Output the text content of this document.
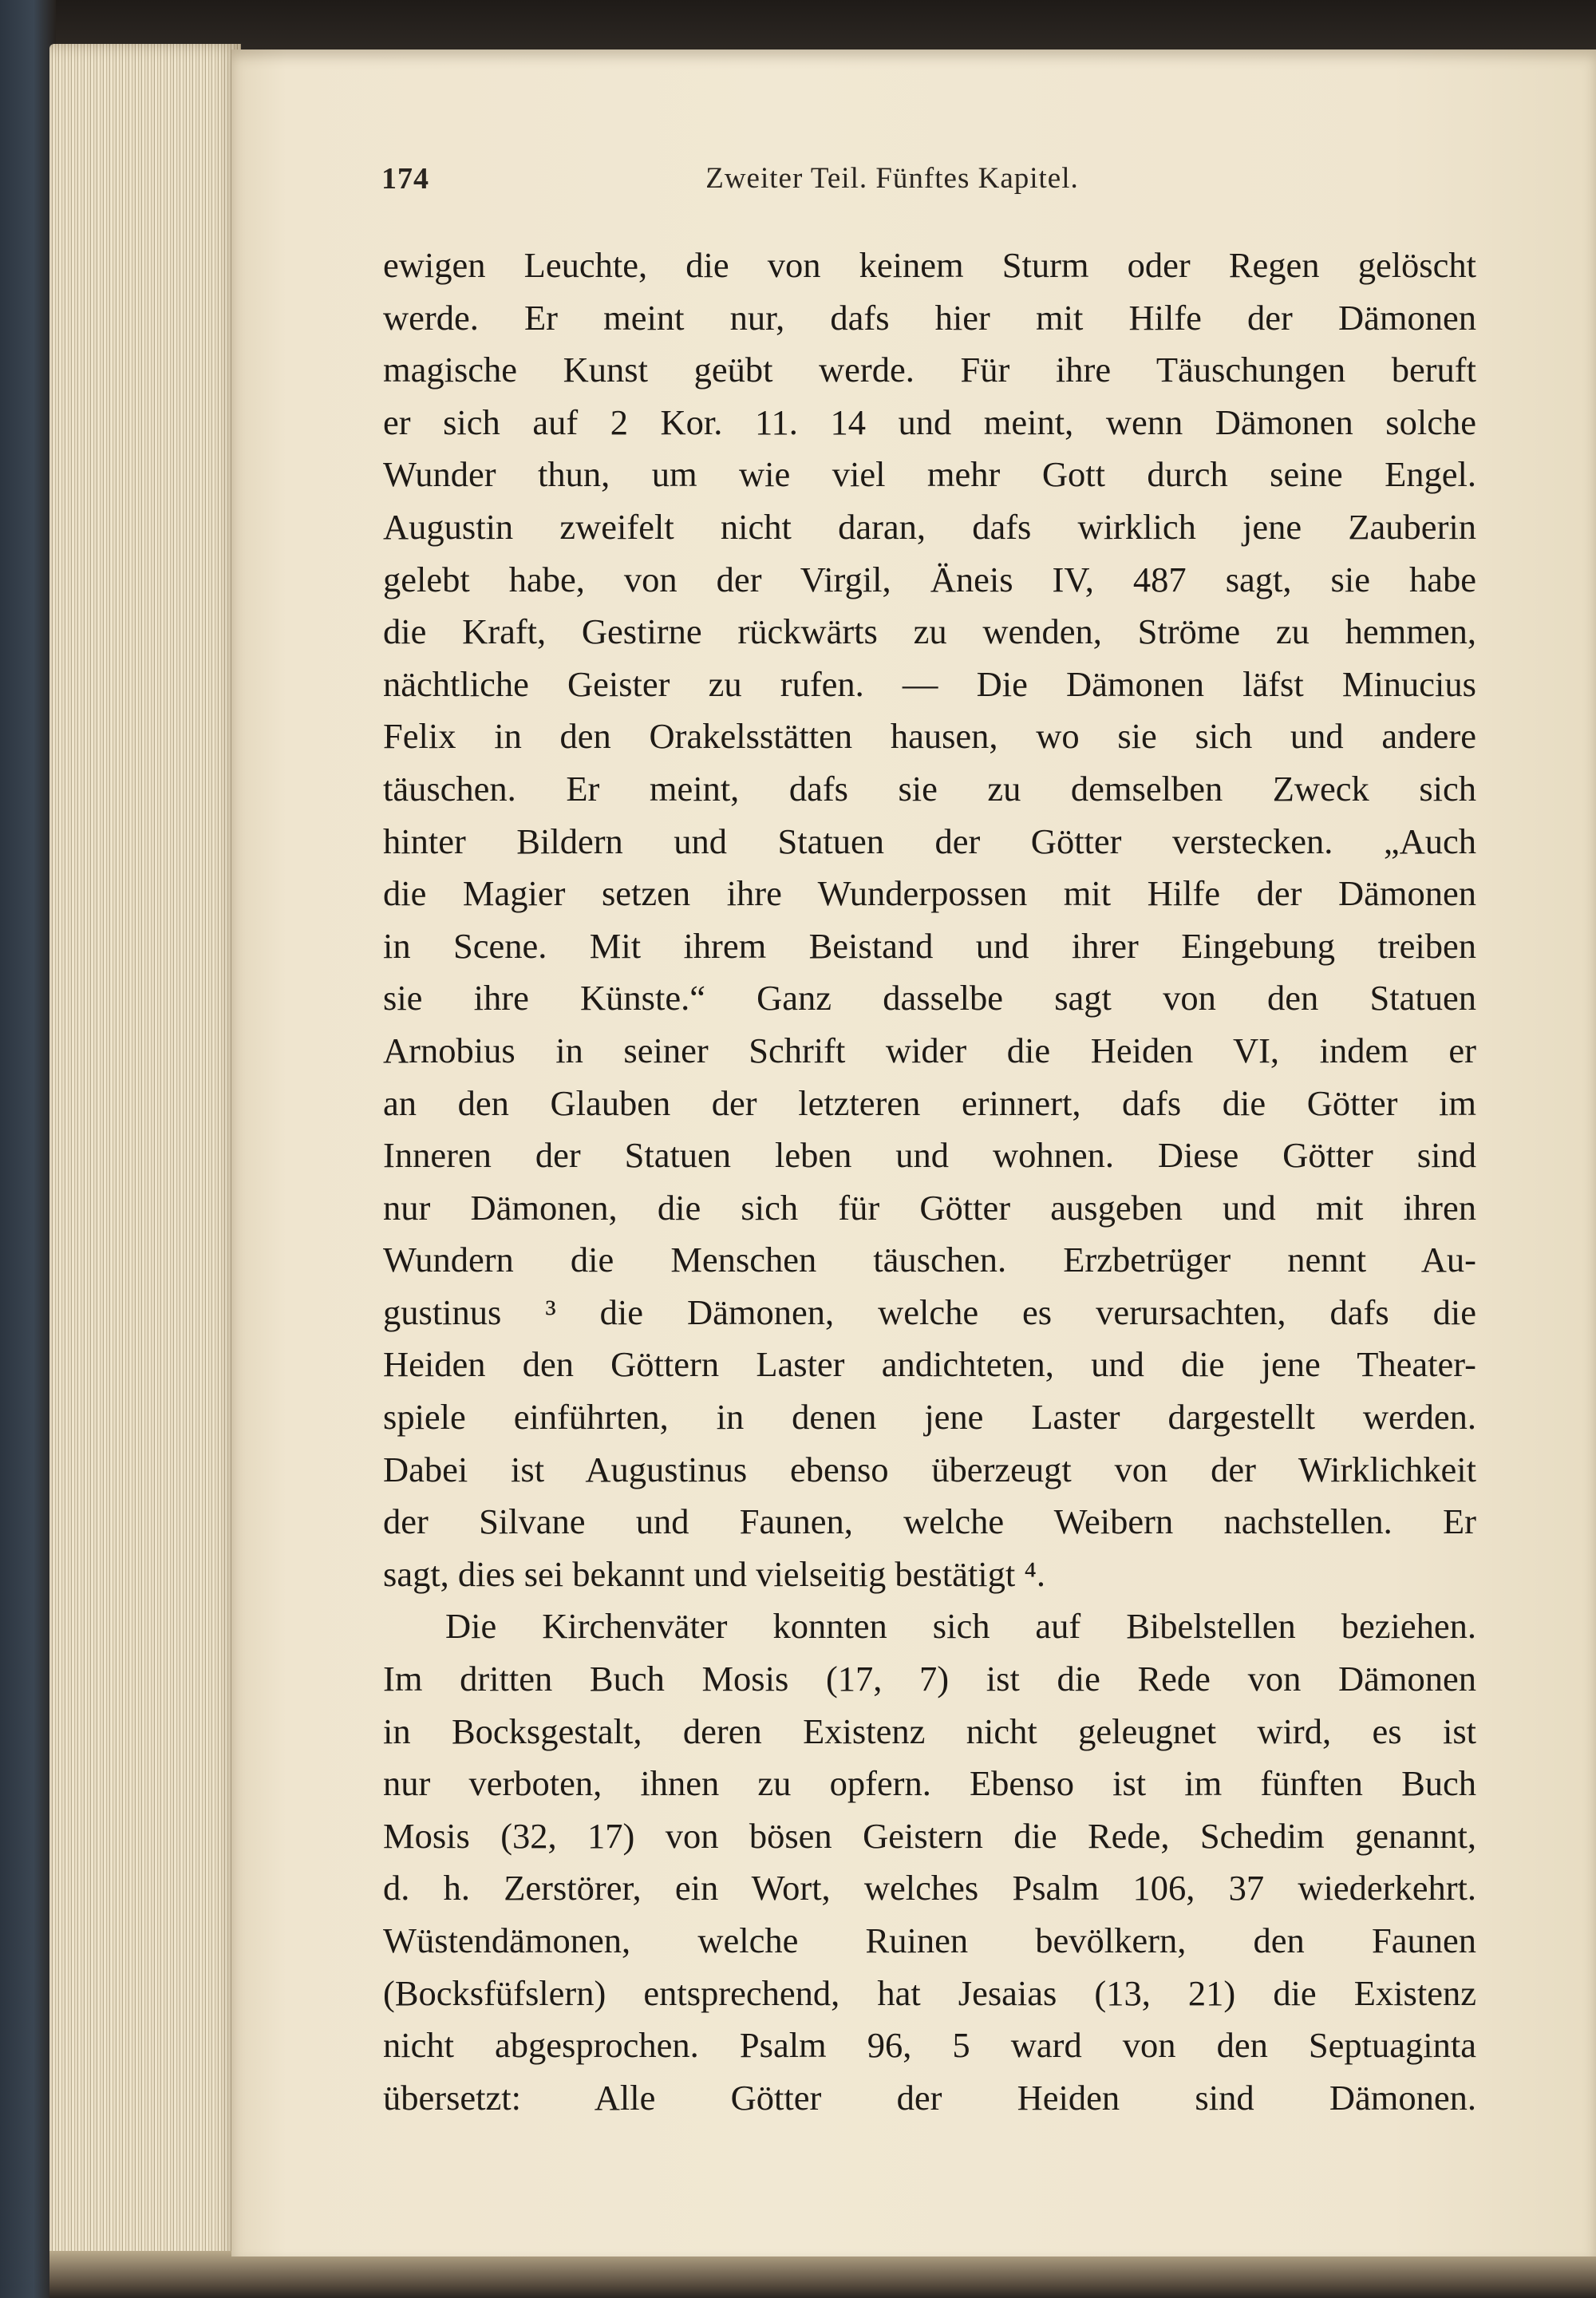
174	Zweiter Teil. Fünftes Kapitel.
ewigen Leuchte, die von keinem Sturm oder Regen gelöscht
werde. Er meint nur, dafs hier mit Hilfe der Dämonen
magische Kunst geübt werde. Für ihre Täuschungen beruft
er sich auf 2 Kor. 11. 14 und meint, wenn Dämonen solche
Wunder thun, um wie viel mehr Gott durch seine Engel.
Augustin zweifelt nicht daran, dafs wirklich jene Zauberin
gelebt habe, von der Virgil, Äneis IV, 487 sagt, sie habe
die Kraft, Gestirne rückwärts zu wenden, Ströme zu hemmen,
nächtliche Geister zu rufen. — Die Dämonen läfst Minucius
Felix in den Orakelsstätten hausen, wo sie sich und andere
täuschen. Er meint, dafs sie zu demselben Zweck sich
hinter Bildern und Statuen der Götter verstecken. „Auch
die Magier setzen ihre Wunderpossen mit Hilfe der Dämonen
in Scene. Mit ihrem Beistand und ihrer Eingebung treiben
sie ihre Künste.“ Ganz dasselbe sagt von den Statuen
Arnobius in seiner Schrift wider die Heiden VI, indem er
an den Glauben der letzteren erinnert, dafs die Götter im
Inneren der Statuen leben und wohnen. Diese Götter sind
nur Dämonen, die sich für Götter ausgeben und mit ihren
Wundern die Menschen täuschen. Erzbetrüger nennt Au-
gustinus ³ die Dämonen, welche es verursachten, dafs die
Heiden den Göttern Laster andichteten, und die jene Theater-
spiele einführten, in denen jene Laster dargestellt werden.
Dabei ist Augustinus ebenso überzeugt von der Wirklichkeit
der Silvane und Faunen, welche Weibern nachstellen. Er
sagt, dies sei bekannt und vielseitig bestätigt ⁴.
Die Kirchenväter konnten sich auf Bibelstellen beziehen.
Im dritten Buch Mosis (17, 7) ist die Rede von Dämonen
in Bocksgestalt, deren Existenz nicht geleugnet wird, es ist
nur verboten, ihnen zu opfern. Ebenso ist im fünften Buch
Mosis (32, 17) von bösen Geistern die Rede, Schedim genannt,
d. h. Zerstörer, ein Wort, welches Psalm 106, 37 wiederkehrt.
Wüstendämonen, welche Ruinen bevölkern, den Faunen
(Bocksfüfslern) entsprechend, hat Jesaias (13, 21) die Existenz
nicht abgesprochen. Psalm 96, 5 ward von den Septuaginta
übersetzt: Alle Götter der Heiden sind Dämonen.
